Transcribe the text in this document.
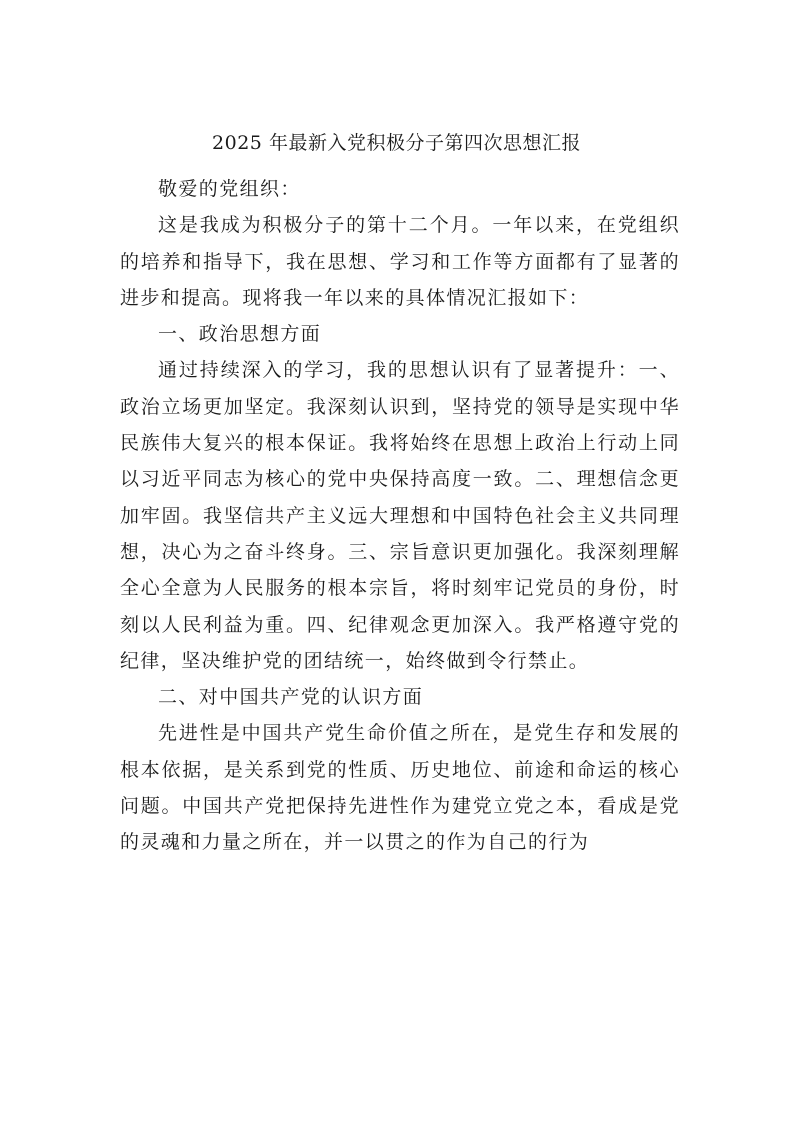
2025 年最新入党积极分子第四次思想汇报

敬爱的党组织：

这是我成为积极分子的第十二个月。一年以来，在党组织的培养和指导下，我在思想、学习和工作等方面都有了显著的进步和提高。现将我一年以来的具体情况汇报如下：

一、政治思想方面

通过持续深入的学习，我的思想认识有了显著提升：一、政治立场更加坚定。我深刻认识到，坚持党的领导是实现中华民族伟大复兴的根本保证。我将始终在思想上政治上行动上同以习近平同志为核心的党中央保持高度一致。二、理想信念更加牢固。我坚信共产主义远大理想和中国特色社会主义共同理想，决心为之奋斗终身。三、宗旨意识更加强化。我深刻理解全心全意为人民服务的根本宗旨，将时刻牢记党员的身份，时刻以人民利益为重。四、纪律观念更加深入。我严格遵守党的纪律，坚决维护党的团结统一，始终做到令行禁止。

二、对中国共产党的认识方面

先进性是中国共产党生命价值之所在，是党生存和发展的根本依据，是关系到党的性质、历史地位、前途和命运的核心问题。中国共产党把保持先进性作为建党立党之本，看成是党的灵魂和力量之所在，并一以贯之的作为自己的行为
